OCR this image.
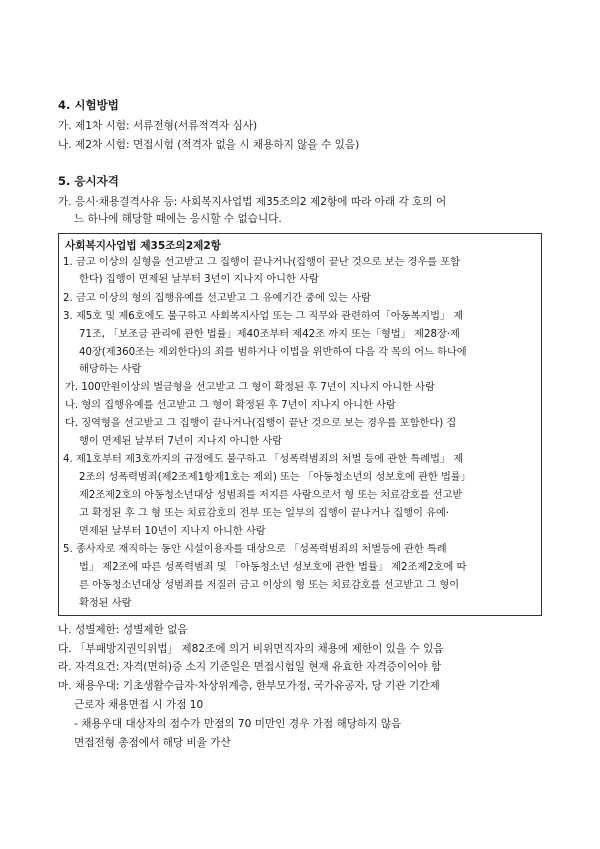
4. 시험방법
가. 제1차 시험: 서류전형(서류적격자 심사)
나. 제2차 시험: 면접시험 (적격자 없을 시 채용하지 않을 수 있음)
5. 응시자격
가. 응시·채용결격사유 등: 사회복지사업법 제35조의2 제2항에 따라 아래 각 호의 어
느 하나에 해당할 때에는 응시할 수 없습니다.
사회복지사업법 제35조의2제2항
1. 금고 이상의 실형을 선고받고 그 집행이 끝나거나(집행이 끝난 것으로 보는 경우를 포함
한다) 집행이 면제된 날부터 3년이 지나지 아니한 사람
2. 금고 이상의 형의 집행유예를 선고받고 그 유예기간 중에 있는 사람
3. 제5호 및 제6호에도 불구하고 사회복지사업 또는 그 직무와 관련하여「아동복지법」 제
71조, 「보조금 관리에 관한 법률」제40조부터 제42조 까지 또는「형법」 제28장·제
40장(제360조는 제외한다)의 죄를 범하거나 이법을 위반하여 다음 각 목의 어느 하나에
해당하는 사람
가. 100만원이상의 벌금형을 선고받고 그 형이 확정된 후 7년이 지나지 아니한 사람
나. 형의 집행유예를 선고받고 그 형이 확정된 후 7년이 지나지 아니한 사람
다. 징역형을 선고받고 그 집행이 끝나거나(집행이 끝난 것으로 보는 경우를 포함한다) 집
행이 면제된 날부터 7년이 지나지 아니한 사람
4. 제1호부터 제3호까지의 규정에도 불구하고 「성폭력범죄의 처벌 등에 관한 특례법」 제
2조의 성폭력범죄(제2조제1항제1호는 제외) 또는 「아동청소년의 성보호에 관한 법률」
제2조제2호의 아동청소년대상 성범죄를 저지른 사람으로서 형 또는 치료감호를 선고받
고 확정된 후 그 형 또는 치료감호의 전부 또는 일부의 집행이 끝나거나 집행이 유예·
면제된 날부터 10년이 지나지 아니한 사람
5. 종사자로 재직하는 동안 시설이용자를 대상으로 「성폭력범죄의 처벌등에 관한 특례
법」 제2조에 따른 성폭력범죄 및 「아동청소년 성보호에 관한 법률」 제2조제2호에 따
른 아동청소년대상 성범죄를 저질러 금고 이상의 형 또는 치료감호를 선고받고 그 형이
확정된 사람
나. 성별제한: 성별제한 없음
다. 「부패방지권익위법」 제82조에 의거 비위면직자의 채용에 제한이 있을 수 있음
라. 자격요건: 자격(면허)증 소지 기준일은 면접시험일 현재 유효한 자격증이어야 함
마. 채용우대: 기초생활수급자·차상위계층, 한부모가정, 국가유공자, 당 기관 기간제
근로자 채용면접 시 가점 10
- 채용우대 대상자의 점수가 만점의 70 미만인 경우 가점 해당하지 않음
면접전형 총점에서 해당 비율 가산
